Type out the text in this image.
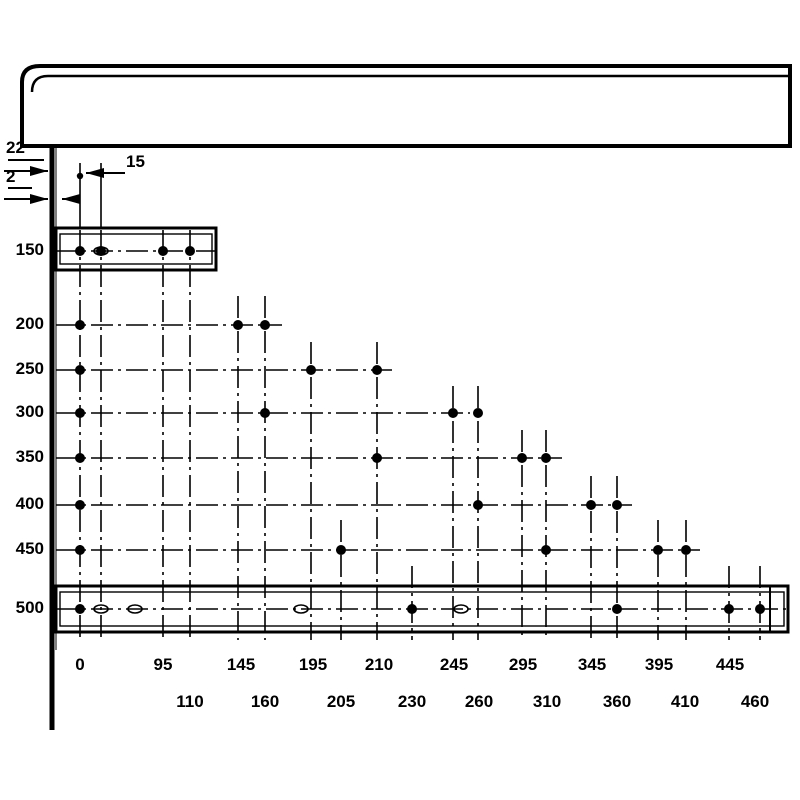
22
15
2
150
200
250
300
350
400
450
500
0	95	145	195	210	245	295	345	395	445
110	160	205	230	260	310	360	410	460
